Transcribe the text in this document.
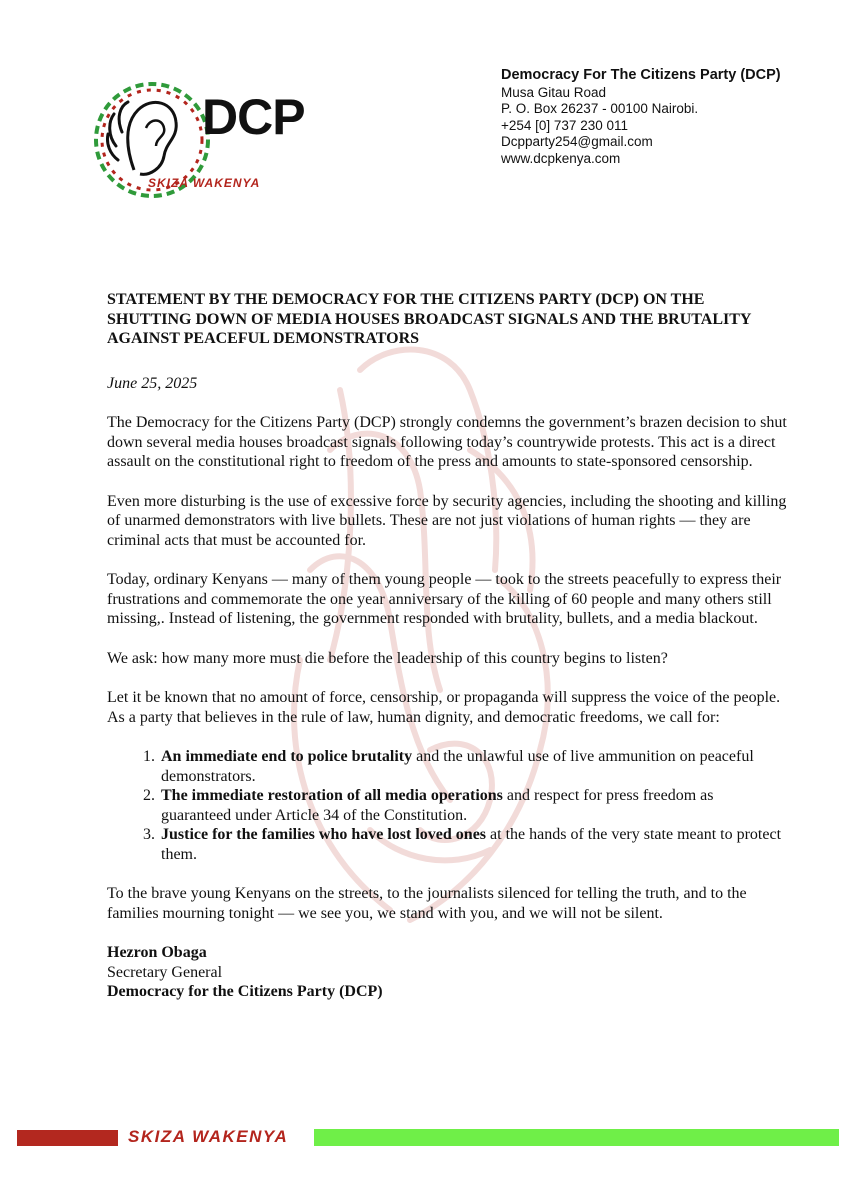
DCP
SKIZA WAKENYA
Democracy For The Citizens Party (DCP)
Musa Gitau Road
P. O. Box 26237 - 00100 Nairobi.
+254 [0] 737 230 011
Dcpparty254@gmail.com
www.dcpkenya.com

STATEMENT BY THE DEMOCRACY FOR THE CITIZENS PARTY (DCP) ON THE SHUTTING DOWN OF MEDIA HOUSES BROADCAST SIGNALS AND THE BRUTALITY AGAINST PEACEFUL DEMONSTRATORS

June 25, 2025

The Democracy for the Citizens Party (DCP) strongly condemns the government’s brazen decision to shut down several media houses broadcast signals following today’s countrywide protests. This act is a direct assault on the constitutional right to freedom of the press and amounts to state-sponsored censorship.

Even more disturbing is the use of excessive force by security agencies, including the shooting and killing of unarmed demonstrators with live bullets. These are not just violations of human rights — they are criminal acts that must be accounted for.

Today, ordinary Kenyans — many of them young people — took to the streets peacefully to express their frustrations and commemorate the one year anniversary of the killing of 60 people and many others still missing,. Instead of listening, the government responded with brutality, bullets, and a media blackout.

We ask: how many more must die before the leadership of this country begins to listen?

Let it be known that no amount of force, censorship, or propaganda will suppress the voice of the people. As a party that believes in the rule of law, human dignity, and democratic freedoms, we call for:

1. An immediate end to police brutality and the unlawful use of live ammunition on peaceful demonstrators.
2. The immediate restoration of all media operations and respect for press freedom as guaranteed under Article 34 of the Constitution.
3. Justice for the families who have lost loved ones at the hands of the very state meant to protect them.

To the brave young Kenyans on the streets, to the journalists silenced for telling the truth, and to the families mourning tonight — we see you, we stand with you, and we will not be silent.

Hezron Obaga
Secretary General
Democracy for the Citizens Party (DCP)
SKIZA WAKENYA
